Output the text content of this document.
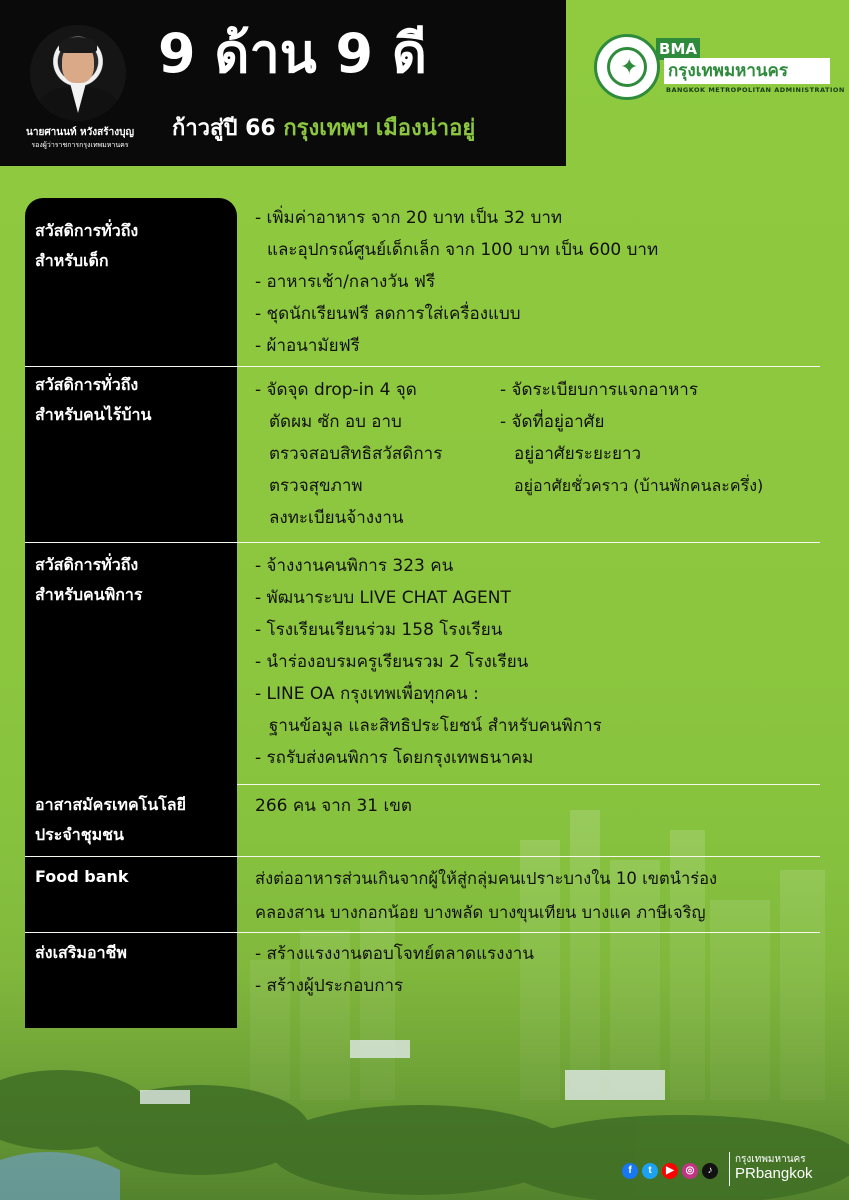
นายศานนท์ หวังสร้างบุญ
รองผู้ว่าราชการกรุงเทพมหานคร
9 ด้าน 9 ดี
ก้าวสู่ปี 66 กรุงเทพฯ เมืองน่าอยู่
✦
BMA
กรุงเทพมหานคร
BANGKOK METROPOLITAN ADMINISTRATION
สวัสดิการทั่วถึง
สำหรับเด็ก
- เพิ่มค่าอาหาร จาก 20 บาท เป็น 32 บาท
และอุปกรณ์ศูนย์เด็กเล็ก จาก 100 บาท เป็น 600 บาท
- อาหารเช้า/กลางวัน ฟรี
- ชุดนักเรียนฟรี ลดการใส่เครื่องแบบ
- ผ้าอนามัยฟรี
สวัสดิการทั่วถึง
สำหรับคนไร้บ้าน
- จัดจุด drop-in 4 จุด
ตัดผม ซัก อบ อาบ
ตรวจสอบสิทธิสวัสดิการ
ตรวจสุขภาพ
ลงทะเบียนจ้างงาน
- จัดระเบียบการแจกอาหาร
- จัดที่อยู่อาศัย
อยู่อาศัยระยะยาว
อยู่อาศัยชั่วคราว (บ้านพักคนละครึ่ง)
สวัสดิการทั่วถึง
สำหรับคนพิการ
- จ้างงานคนพิการ 323 คน
- พัฒนาระบบ LIVE CHAT AGENT
- โรงเรียนเรียนร่วม 158 โรงเรียน
- นำร่องอบรมครูเรียนรวม 2 โรงเรียน
- LINE OA กรุงเทพเพื่อทุกคน :
ฐานข้อมูล และสิทธิประโยชน์ สำหรับคนพิการ
- รถรับส่งคนพิการ โดยกรุงเทพธนาคม
อาสาสมัครเทคโนโลยี
ประจำชุมชน
266 คน จาก 31 เขต
Food bank	ส่งต่ออาหารส่วนเกินจากผู้ให้สู่กลุ่มคนเปราะบางใน 10 เขตนำร่อง
คลองสาน บางกอกน้อย บางพลัด บางขุนเทียน บางแค ภาษีเจริญ
ส่งเสริมอาชีพ	- สร้างแรงงานตอบโจทย์ตลาดแรงงาน
- สร้างผู้ประกอบการ
f t ▶ ◎ ♪
กรุงเทพมหานคร
PRbangkok
